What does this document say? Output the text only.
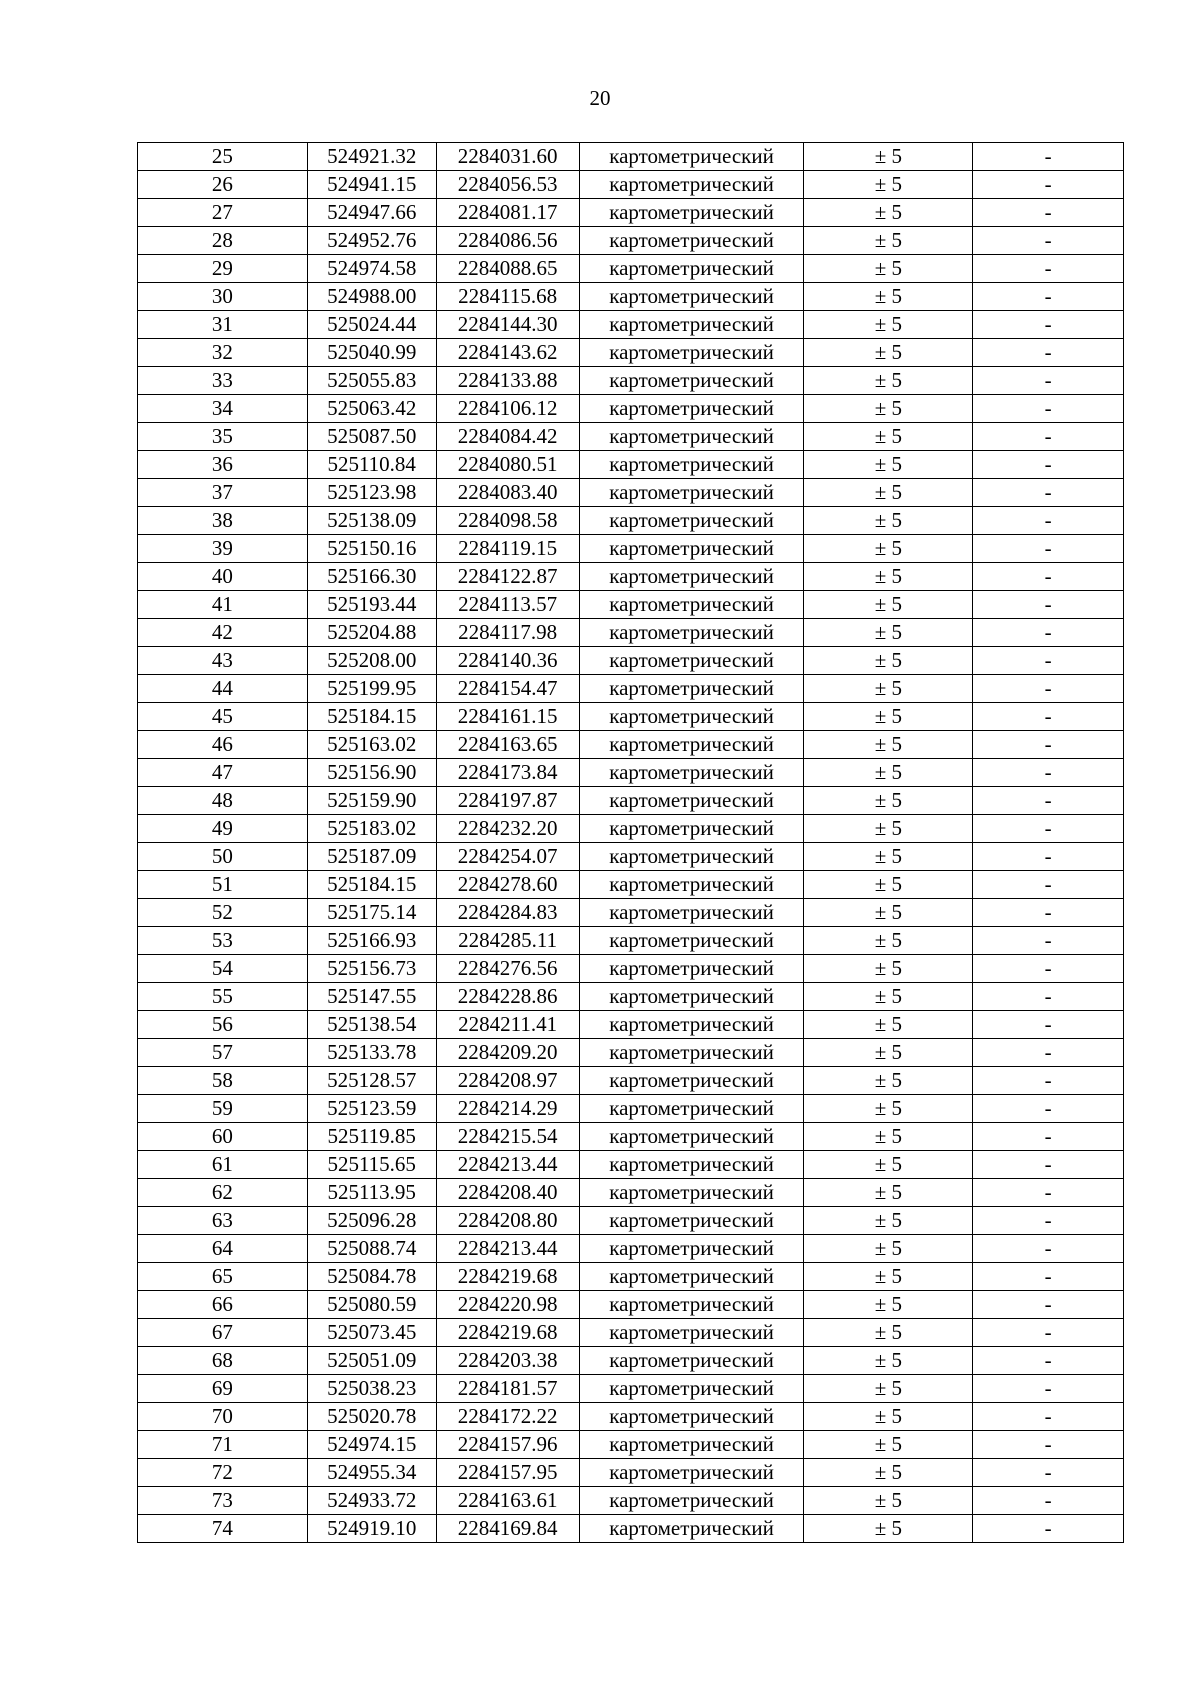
20
25	524921.32	2284031.60	картометрический	± 5	-
26	524941.15	2284056.53	картометрический	± 5	-
27	524947.66	2284081.17	картометрический	± 5	-
28	524952.76	2284086.56	картометрический	± 5	-
29	524974.58	2284088.65	картометрический	± 5	-
30	524988.00	2284115.68	картометрический	± 5	-
31	525024.44	2284144.30	картометрический	± 5	-
32	525040.99	2284143.62	картометрический	± 5	-
33	525055.83	2284133.88	картометрический	± 5	-
34	525063.42	2284106.12	картометрический	± 5	-
35	525087.50	2284084.42	картометрический	± 5	-
36	525110.84	2284080.51	картометрический	± 5	-
37	525123.98	2284083.40	картометрический	± 5	-
38	525138.09	2284098.58	картометрический	± 5	-
39	525150.16	2284119.15	картометрический	± 5	-
40	525166.30	2284122.87	картометрический	± 5	-
41	525193.44	2284113.57	картометрический	± 5	-
42	525204.88	2284117.98	картометрический	± 5	-
43	525208.00	2284140.36	картометрический	± 5	-
44	525199.95	2284154.47	картометрический	± 5	-
45	525184.15	2284161.15	картометрический	± 5	-
46	525163.02	2284163.65	картометрический	± 5	-
47	525156.90	2284173.84	картометрический	± 5	-
48	525159.90	2284197.87	картометрический	± 5	-
49	525183.02	2284232.20	картометрический	± 5	-
50	525187.09	2284254.07	картометрический	± 5	-
51	525184.15	2284278.60	картометрический	± 5	-
52	525175.14	2284284.83	картометрический	± 5	-
53	525166.93	2284285.11	картометрический	± 5	-
54	525156.73	2284276.56	картометрический	± 5	-
55	525147.55	2284228.86	картометрический	± 5	-
56	525138.54	2284211.41	картометрический	± 5	-
57	525133.78	2284209.20	картометрический	± 5	-
58	525128.57	2284208.97	картометрический	± 5	-
59	525123.59	2284214.29	картометрический	± 5	-
60	525119.85	2284215.54	картометрический	± 5	-
61	525115.65	2284213.44	картометрический	± 5	-
62	525113.95	2284208.40	картометрический	± 5	-
63	525096.28	2284208.80	картометрический	± 5	-
64	525088.74	2284213.44	картометрический	± 5	-
65	525084.78	2284219.68	картометрический	± 5	-
66	525080.59	2284220.98	картометрический	± 5	-
67	525073.45	2284219.68	картометрический	± 5	-
68	525051.09	2284203.38	картометрический	± 5	-
69	525038.23	2284181.57	картометрический	± 5	-
70	525020.78	2284172.22	картометрический	± 5	-
71	524974.15	2284157.96	картометрический	± 5	-
72	524955.34	2284157.95	картометрический	± 5	-
73	524933.72	2284163.61	картометрический	± 5	-
74	524919.10	2284169.84	картометрический	± 5	-
